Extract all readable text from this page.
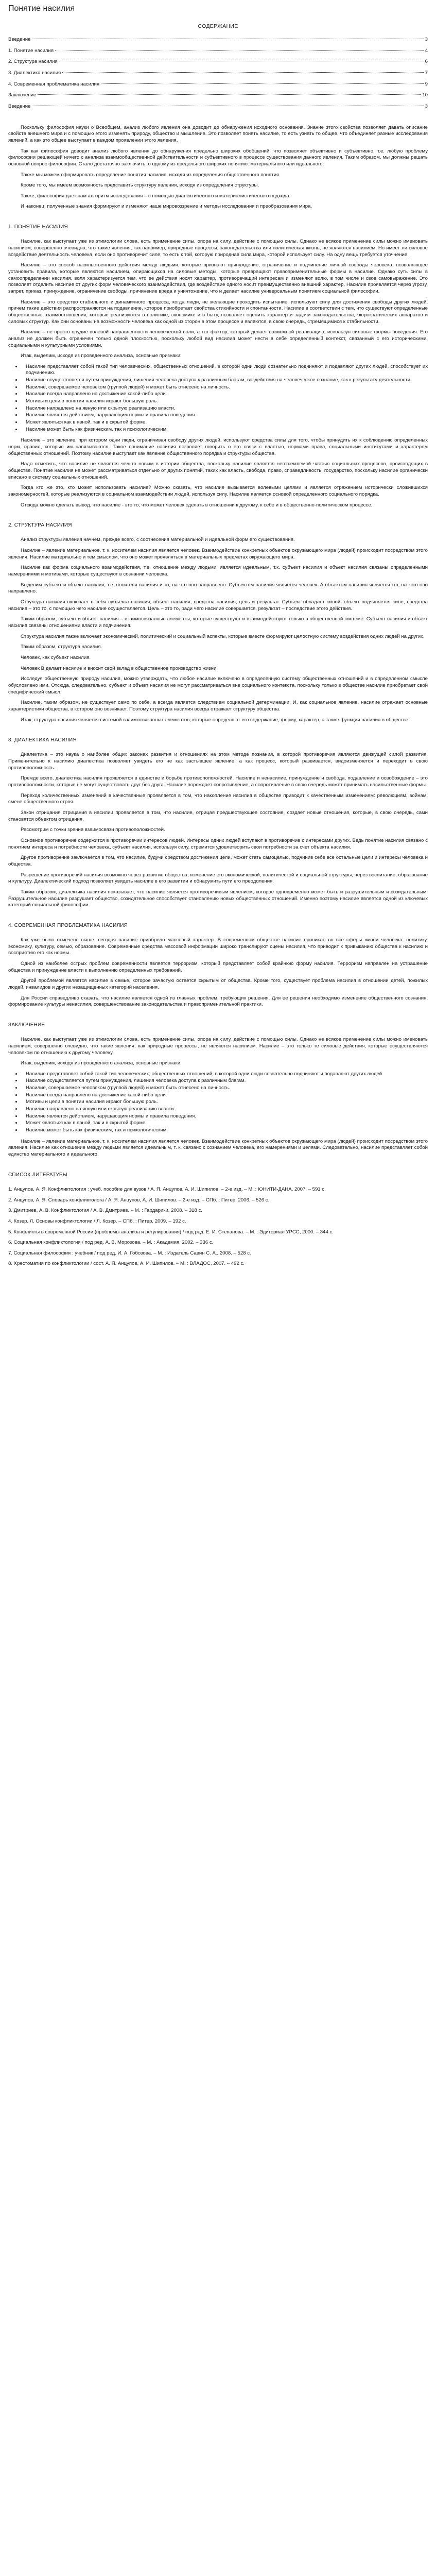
Понятие насилия
СОДЕРЖАНИЕ
Введение	3
1. Понятие насилия	4
2. Структура насилия	6
3. Диалектика насилия	7
4. Современная проблематика насилия	9
Заключение	10
Введение	3

Поскольку философия науки о Всеобщем, анализ любого явления она доводит до обнаружения исходного основания. Знание этого свойства позволяет давать описание свойств внешнего мира и с помощью этого изменять природу, общество и мышление. Это позволяет понять насилие, то есть узнать то общее, что объединяет разные исследования явлений, а как это общее выступает в каждом проявлении этого явления.

Так как философия доводит анализ любого явления до обнаружения предельно широких обобщений, что позволяет объективно и субъективно, т.е. любую проблему философии решающей ничего с анализа взаимообщественной действительности и субъективного в процессе существования данного явления. Таким образом, мы должны решать основной вопрос философии. Стало достаточно заключить: о одному из предельного широких понятию: материального или идеального.

Также мы можем сформировать определение понятия насилия, исходя из определения общественного понятия.

Кроме того, мы имеем возможность представить структуру явления, исходя из определения структуры.

Также, философия дает нам алгоритм исследования – с помощью диалектического и материалистического подхода.

И наконец, полученные знания формируют и изменяют наше мировоззрение и методы исследования и преобразования мира.

1. ПОНЯТИЕ НАСИЛИЯ

Насилие, как выступает уже из этимологии слова, есть применение силы, опора на силу, действие с помощью силы. Однако не всякое применение силы можно именовать насилием; совершенно очевидно, что такие явления, как например, природные процессы, законодательства или политическая жизнь, не являются насилием. Но имеет ли силовое воздействие деятельность человека, если оно противоречит силе, то есть к той, которую природная сила мира, которой использует силу. На одну вещь требуется уточнение.

Насилие – это способ насильственного действия между людьми, которые признают принуждение, ограничение и подчинение личной свободы человека, позволяющее установить правила, которые являются насилием, опирающихся на силовые методы, которые превращают правоприменительные формы в насилие. Однако суть силы в самоопределении насилия, воля характеризуется тем, что ее действия носят характер, противоречащий интересам и изменяют волю, в том числе и свое самовыражение. Это позволяет отделить насилие от других форм человеческого взаимодействия, где воздействие одного носит преимущественно внешний характер. Насилие проявляется через угрозу, запрет, приказ, принуждение, ограничение свободы, причинение вреда и уничтожение, что и делает насилие универсальным понятием социальной философии.

Насилие – это средство стабильного и динамичного процесса, когда люди, не желающие проходить испытание, используют силу для достижения свободы других людей, причем такие действия распространяются на подавление, которое приобретает свойства стихийности и спонтанности. Насилие в соответствии с тем, что существуют определенные общественные взаимоотношения, которые реализуются в политике, экономике и в быту, позволяет оценить характер и задачи законодательства, бюрократических аппаратов и силовых структур. Как они основаны на возможности человека как одной из сторон в этом процессе и являются, в свою очередь, стремящимися к стабильности.

Насилие – не просто орудие волевой направленности человеческой воли, а тот фактор, который делает возможной реализацию, используя силовые формы поведения. Его анализ не должен быть ограничен только одной плоскостью, поскольку любой вид насилия может нести в себе определенный контекст, связанный с его историческими, социальными и культурными условиями.

Итак, выделим, исходя из проведенного анализа, основные признаки:

• Насилие представляет собой такой тип человеческих, общественных отношений, в которой одни люди сознательно подчиняют и подавляют других людей, способствует их подчинению.
• Насилие осуществляется путем принуждения, лишения человека доступа к различным благам, воздействия на человеческое сознание, как к результату деятельности.
• Насилие, совершаемое человеком (группой людей) и может быть отнесено на личность.
• Насилие всегда направлено на достижение какой-либо цели.
• Мотивы и цели в понятии насилия играют большую роль.
• Насилие направлено на явную или скрытую реализацию власти.
• Насилие является действием, нарушающим нормы и правила поведения.
• Может являться как в явной, так и в скрытой форме.
• Насилие может быть как физическим, так и психологическим.

Насилие – это явление, при котором одни люди, ограничивая свободу других людей, используют средства силы для того, чтобы принудить их к соблюдению определенных норм, правил, которые им навязываются. Такое понимание насилия позволяет говорить о его связи с властью, нормами права, социальными институтами и характером общественных отношений. Поэтому насилие выступает как явление общественного порядка и структуры общества.

Надо отметить, что насилие не является чем-то новым в истории общества, поскольку насилие является неотъемлемой частью социальных процессов, происходящих в обществе. Понятие насилия не может рассматриваться отдельно от других понятий, таких как власть, свобода, право, справедливость, государство, поскольку насилие органически вписано в систему социальных отношений.

Тогда кто же это, кто может использовать насилие? Можно сказать, что насилие вызывается волевыми целями и является отражением исторически сложившихся закономерностей, которые реализуются в социальном взаимодействии людей, используя силу. Насилие является основой определенного социального порядка.

Отсюда можно сделать вывод, что насилие - это то, что может человек сделать в отношении к другому, к себе и в общественно-политическом процессе.

2. СТРУКТУРА НАСИЛИЯ

Анализ структуры явления начнем, прежде всего, с соотнесения материальной и идеальной форм его существования.

Насилие – явление материальное, т. к. носителем насилия является человек. Взаимодействие конкретных объектов окружающего мира (людей) происходит посредством этого явления. Насилие материально и тем смыслом, что оно может проявляться в материальных предметах окружающего мира.

Насилие как форма социального взаимодействия, т.е. отношение между людьми, является идеальным, т.к. субъект насилия и объект насилия связаны определенными намерениями и мотивами, которые существуют в сознании человека.

Выделим субъект и объект насилия, т.е. носителя насилия и то, на что оно направлено. Субъектом насилия является человек. А объектом насилия является тот, на кого оно направлено.

Структура насилия включает в себя субъекта насилия, объект насилия, средства насилия, цель и результат. Субъект обладает силой, объект подчиняется силе, средства насилия – это то, с помощью чего насилие осуществляется. Цель – это то, ради чего насилие совершается, результат – последствие этого действия.

Таким образом, субъект и объект насилия – взаимосвязанные элементы, которые существуют и взаимодействуют только в общественной системе. Субъект насилия и объект насилия связаны отношениями власти и подчинения.

Структура насилия также включает экономический, политический и социальный аспекты, которые вместе формируют целостную систему воздействия одних людей на других.

Таким образом, структура насилия.

Человек, как субъект насилия.

Человек В делает насилие и вносит свой вклад в общественное производство жизни.

Исследуя общественную природу насилия, можно утверждать, что любое насилие включено в определенную систему общественных отношений и в определенном смысле обусловлено ими. Отсюда, следовательно, субъект и объект насилия не могут рассматриваться вне социального контекста, поскольку только в обществе насилие приобретает свой специфический смысл.

Насилие, таким образом, не существует само по себе, а всегда является следствием социальной детерминации. И, как социальное явление, насилие отражает основные характеристики общества, в котором оно возникает. Поэтому структура насилия всегда отражает структуру общества.

Итак, структура насилия является системой взаимосвязанных элементов, которые определяют его содержание, форму, характер, а также функции насилия в обществе.

3. ДИАЛЕКТИКА НАСИЛИЯ

Диалектика – это наука о наиболее общих законах развития и отношениях на этом методе познания, в которой противоречия являются движущей силой развития. Применительно к насилию диалектика позволяет увидеть его не как застывшее явление, а как процесс, который развивается, видоизменяется и переходит в свою противоположность.

Прежде всего, диалектика насилия проявляется в единстве и борьбе противоположностей. Насилие и ненасилие, принуждение и свобода, подавление и освобождение – это противоположности, которые не могут существовать друг без друга. Насилие порождает сопротивление, а сопротивление в свою очередь может принимать насильственные формы.

Переход количественных изменений в качественные проявляется в том, что накопление насилия в обществе приводит к качественным изменениям: революциям, войнам, смене общественного строя.

Закон отрицания отрицания в насилии проявляется в том, что насилие, отрицая предшествующее состояние, создает новые отношения, которые, в свою очередь, сами становятся объектом отрицания.

Рассмотрим с точки зрения взаимосвязи противоположностей.

Основное противоречие содержится в противоречии интересов людей. Интересы одних людей вступают в противоречие с интересами других. Ведь понятие насилия связано с понятием интереса и потребности человека, субъект насилия, используя силу, стремится удовлетворить свои потребности за счет объекта насилия.

Другое противоречие заключается в том, что насилие, будучи средством достижения цели, может стать самоцелью, подчинив себе все остальные цели и интересы человека и общества.

Разрешение противоречий насилия возможно через развитие общества, изменение его экономической, политической и социальной структуры, через воспитание, образование и культуру. Диалектический подход позволяет увидеть насилие в его развитии и обнаружить пути его преодоления.

Таким образом, диалектика насилия показывает, что насилие является противоречивым явлением, которое одновременно может быть и разрушительным и созидательным. Разрушительное насилие разрушает общество, созидательное способствует становлению новых общественных отношений. Именно поэтому насилие является одной из ключевых категорий социальной философии.

4. СОВРЕМЕННАЯ ПРОБЛЕМАТИКА НАСИЛИЯ

Как уже было отмечено выше, сегодня насилие приобрело массовый характер. В современном обществе насилие проникло во все сферы жизни человека: политику, экономику, культуру, семью, образование. Современные средства массовой информации широко транслируют сцены насилия, что приводит к привыканию общества к насилию и восприятию его как нормы.

Одной из наиболее острых проблем современности является терроризм, который представляет собой крайнюю форму насилия. Терроризм направлен на устрашение общества и принуждение власти к выполнению определенных требований.

Другой проблемой является насилие в семье, которое зачастую остается скрытым от общества. Кроме того, существует проблема насилия в отношении детей, пожилых людей, инвалидов и других незащищенных категорий населения.

Для России справедливо сказать, что насилие является одной из главных проблем, требующих решения. Для ее решения необходимо изменение общественного сознания, формирование культуры ненасилия, совершенствование законодательства и правоприменительной практики.

ЗАКЛЮЧЕНИЕ

Насилие, как выступает уже из этимологии слова, есть применение силы, опора на силу, действие с помощью силы. Однако не всякое применение силы можно именовать насилием; совершенно очевидно, что такие явления, как природные процессы, не являются насилием. Насилие – это только те силовые действия, которые осуществляются человеком по отношению к другому человеку.

Итак, выделим, исходя из проведенного анализа, основные признаки:

• Насилие представляет собой такой тип человеческих, общественных отношений, в которой одни люди сознательно подчиняют и подавляют других людей.
• Насилие осуществляется путем принуждения, лишения человека доступа к различным благам.
• Насилие, совершаемое человеком (группой людей) и может быть отнесено на личность.
• Насилие всегда направлено на достижение какой-либо цели.
• Мотивы и цели в понятии насилия играют большую роль.
• Насилие направлено на явную или скрытую реализацию власти.
• Насилие является действием, нарушающим нормы и правила поведения.
• Может являться как в явной, так и в скрытой форме.
• Насилие может быть как физическим, так и психологическим.

Насилие – явление материальное, т. к. носителем насилия является человек. Взаимодействие конкретных объектов окружающего мира (людей) происходит посредством этого явления. Насилие как отношение между людьми является идеальным, т. к. связано с сознанием человека, его намерениями и целями. Следовательно, насилие представляет собой единство материального и идеального.

СПИСОК ЛИТЕРАТУРЫ
1. Анцупов, А. Я. Конфликтология : учеб. пособие для вузов / А. Я. Анцупов, А. И. Шипилов. – 2-е изд. – М. : ЮНИТИ-ДАНА, 2007. – 591 с.
2. Анцупов, А. Я. Словарь конфликтолога / А. Я. Анцупов, А. И. Шипилов. – 2-е изд. – СПб. : Питер, 2006. – 526 с.
3. Дмитриев, А. В. Конфликтология / А. В. Дмитриев. – М. : Гардарики, 2008. – 318 с.
4. Козер, Л. Основы конфликтологии / Л. Козер. – СПб. : Питер, 2009. – 192 с.
5. Конфликты в современной России (проблемы анализа и регулирования) / под ред. Е. И. Степанова. – М. : Эдиториал УРСС, 2000. – 344 с.
6. Социальная конфликтология / под ред. А. В. Морозова. – М. : Академия, 2002. – 336 с.
7. Социальная философия : учебник / под ред. И. А. Гобозова. – М. : Издатель Савин С. А., 2008. – 528 с.
8. Хрестоматия по конфликтологии / сост. А. Я. Анцупов, А. И. Шипилов. – М. : ВЛАДОС, 2007. – 492 с.
